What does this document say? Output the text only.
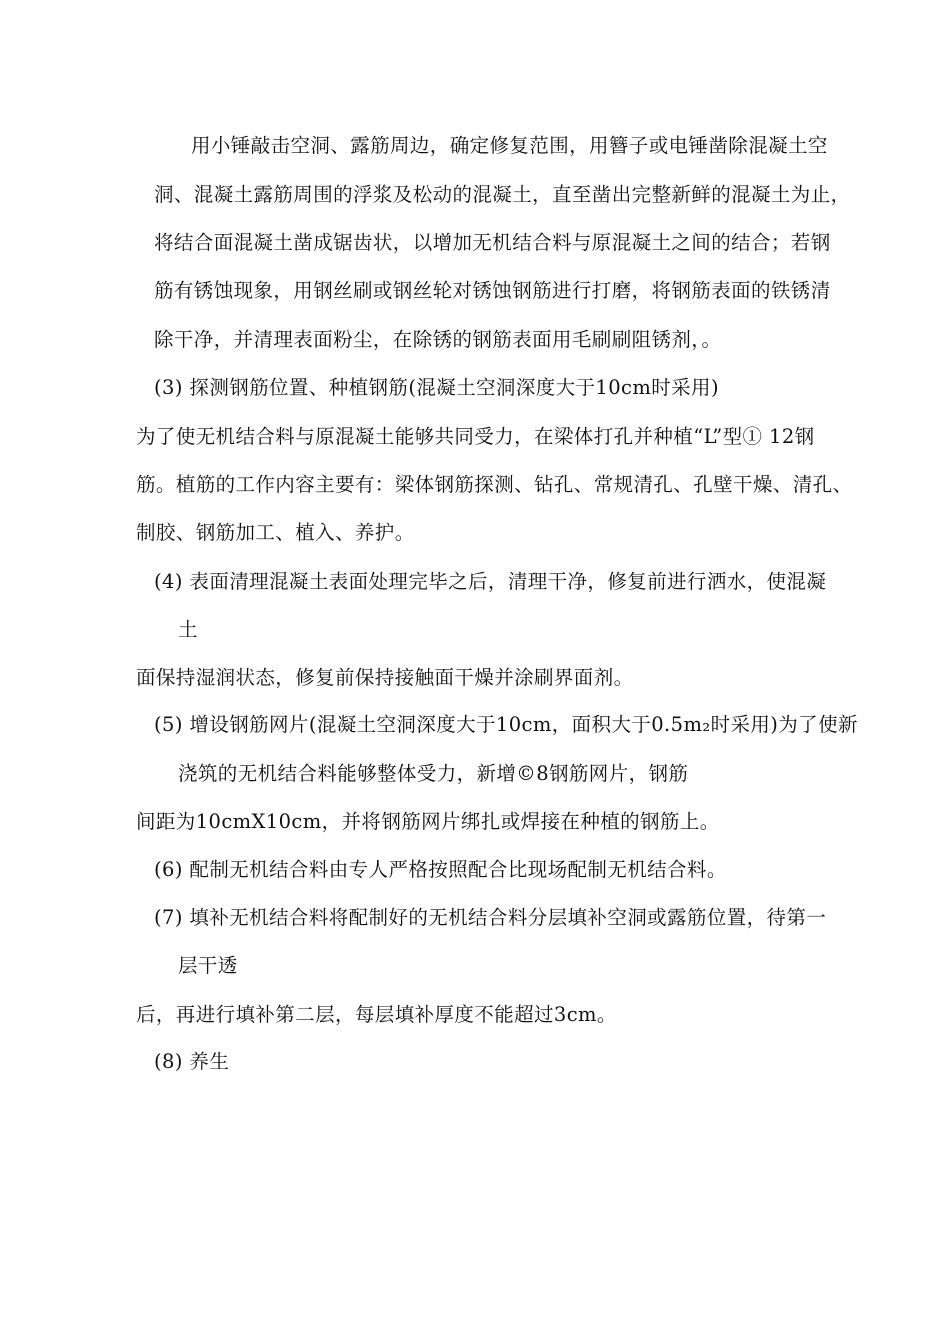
用小锤敲击空洞、露筋周边，确定修复范围，用簪子或电锤凿除混凝土空
洞、混凝土露筋周围的浮浆及松动的混凝土，直至凿出完整新鲜的混凝土为止，
将结合面混凝土凿成锯齿状，以增加无机结合料与原混凝土之间的结合；若钢
筋有锈蚀现象，用钢丝刷或钢丝轮对锈蚀钢筋进行打磨，将钢筋表面的铁锈清
除干净，并清理表面粉尘，在除锈的钢筋表面用毛刷刷阻锈剂，。
(3) 探测钢筋位置、种植钢筋(混凝土空洞深度大于10cm时采用)
为了使无机结合料与原混凝土能够共同受力，在梁体打孔并种植“L”型① 12钢
筋。植筋的工作内容主要有：梁体钢筋探测、钻孔、常规清孔、孔壁干燥、清孔、
制胶、钢筋加工、植入、养护。
(4) 表面清理混凝土表面处理完毕之后，清理干净，修复前进行洒水，使混凝
土
面保持湿润状态，修复前保持接触面干燥并涂刷界面剂。
(5) 增设钢筋网片(混凝土空洞深度大于10cm，面积大于0.5m₂时采用)为了使新
浇筑的无机结合料能够整体受力，新增©8钢筋网片，钢筋
间距为10cmX10cm，并将钢筋网片绑扎或焊接在种植的钢筋上。
(6) 配制无机结合料由专人严格按照配合比现场配制无机结合料。
(7) 填补无机结合料将配制好的无机结合料分层填补空洞或露筋位置，待第一
层干透
后，再进行填补第二层，每层填补厚度不能超过3cm。
(8) 养生
